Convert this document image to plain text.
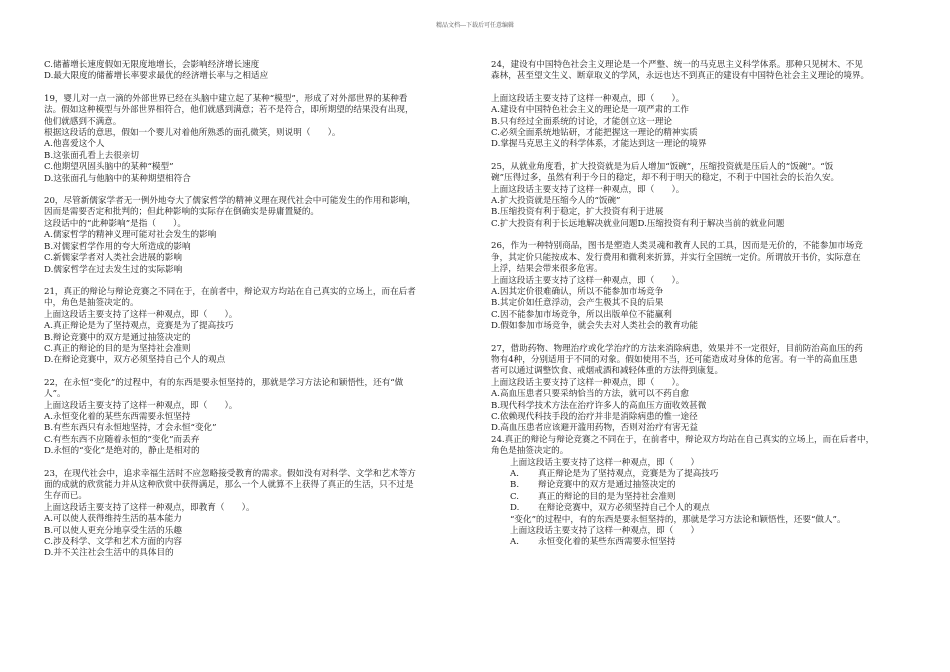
精品文档---下载后可任意编辑

C.储蓄增长速度假如无限度地增长，会影响经济增长速度

D.最大限度的储蓄增长率要求最优的经济增长率与之相适应

19，婴儿对一点一滴的外部世界已经在头脑中建立起了某种“模型”，形成了对外部世界的某种看

法。假如这种模型与外部世界相符合，他们就感到满意；若不是符合，即所期望的结果没有出现，

他们就感到不满意。

根据这段话的意思，假如一个婴儿对着他所熟悉的面孔微笑，则说明（　　）。

A.他喜爱这个人

B.这张面孔看上去很亲切

C.他期望巩固头脑中的某种“模型”

D.这张面孔与他脑中的某种期望相符合

20，尽管新儒家学者无一例外地夸大了儒家哲学的精神义理在现代社会中可能发生的作用和影响，

因而是需要否定和批判的；但此种影响的实际存在倒确实是毋庸置疑的。

这段话中的“此种影响”是指（　　）。

A.儒家哲学的精神义理可能对社会发生的影响

B.对儒家哲学作用的夸大所造成的影响

C.新儒家学者对人类社会进展的影响

D.儒家哲学在过去发生过的实际影响

21，真正的辩论与辩论竞赛之不同在于，在前者中，辩论双方均站在自己真实的立场上，而在后者

中，角色是抽签决定的。

上面这段话主要支持了这样一种观点，即（　　）。

A.真正辩论是为了坚持观点，竞赛是为了提高技巧

B.辩论竞赛中的双方是通过抽签决定的

C.真正的辩论的目的是为坚持社会准则

D.在辩论竞赛中，双方必须坚持自己个人的观点

22，在永恒“变化”的过程中，有的东西是要永恒坚持的，那就是学习方法论和颖悟性，还有“做

人”。

上面这段话主要支持了这样一种观点，即（　　）。

A.永恒变化着的某些东西需要永恒坚持

B.有些东西只有永恒地坚持，才会永恒“变化”

C.有些东西不应随着永恒的“变化”而丢弃

D.永恒的“变化”是绝对的，静止是相对的

23，在现代社会中，追求幸福生活时不应忽略接受教育的需求。假如没有对科学、文学和艺术等方

面的成就的欣赏能力并从这种欣赏中获得满足，那么一个人就算不上获得了真正的生活，只不过是

生存而已。

上面这段话主要支持了这样一种观点，即教育（　　）。

A.可以使人获得维持生活的基本能力

B.可以使人更充分地享受生活的乐趣

C.涉及科学、文学和艺术方面的内容

D.并不关注社会生活中的具体目的

24，建设有中国特色社会主义理论是一个严整、统一的马克思主义科学体系。那种只见树木、不见

森林，甚至望文生义、断章取义的学风，永远也达不到真正的建设有中国特色社会主义理论的境界。

上面这段话主要支持了这样一种观点，即（　　）。

A.建设有中国特色社会主义的理论是一项严肃的工作

B.只有经过全面系统的讨论，才能创立这一理论

C.必须全面系统地钻研，才能把握这一理论的精神实质

D.掌握马克思主义的科学体系，才能达到这一理论的境界

25，从就业角度看，扩大投资就是为后人增加“饭碗”，压缩投资就是压后人的“饭碗”。“饭

碗”压得过多，虽然有利于今日的稳定，却不利于明天的稳定，不利于中国社会的长治久安。

上面这段话主要支持了这样一种观点，即（　　）。

A.扩大投资就是压缩今人的“饭碗”

B.压缩投资有利于稳定，扩大投资有利于进展

C.扩大投资有利于长远地解决就业问题D.压缩投资有利于解决当前的就业问题

26，作为一种特别商品，图书是塑造人类灵魂和教育人民的工具，因而是无价的，不能参加市场竞

争，其定价只能按成本、发行费用和微利来折算，并实行全国统一定价。所谓放开书价，实际意在

上浮，结果会带来很多危害。

上面这段话主要支持了这样一种观点，即（　　）。

A.因其定价很难确认，所以不能参加市场竞争

B.其定价如任意浮动，会产生极其不良的后果

C.因不能参加市场竞争，所以出版单位不能赢利

D.假如参加市场竞争，就会失去对人类社会的教育功能

27，借助药物、物理治疗或化学治疗的方法来消除病患，效果并不一定很好，目前防治高血压的药

物有4种，分别适用于不同的对象。假如使用不当，还可能造成对身体的危害。有一半的高血压患

者可以通过调整饮食、戒烟戒酒和减轻体重的方法得到康复。

上面这段话主要支持了这样一种观点，即（　　）。

A.高血压患者只要采纳恰当的方法，就可以不药自愈

B.现代科学技术方法在治疗许多人的高血压方面收效甚微

C.依赖现代科技手段的治疗并非是消除病患的惟一途径

D.高血压患者应该避开滥用药物，否则对治疗有害无益

24.真正的辩论与辩论竞赛之不同在于，在前者中，辩论双方均站在自己真实的立场上，而在后者中，

角色是抽签决定的。

上面这段话主要支持了这样一种观点，即（　　）

A.	真正辩论是为了坚持观点，竞赛是为了提高技巧
B.	辩论竞赛中的双方是通过抽签决定的
C.	真正的辩论的目的是为坚持社会准则
D.	在辩论竞赛中，双方必须坚持自己个人的观点

“变化”的过程中，有的东西是要永恒坚持的，那就是学习方法论和颖悟性，还要“做人”。

上面这段话主要支持了这样一种观点，即（　　）

A.	永恒变化着的某些东西需要永恒坚持
